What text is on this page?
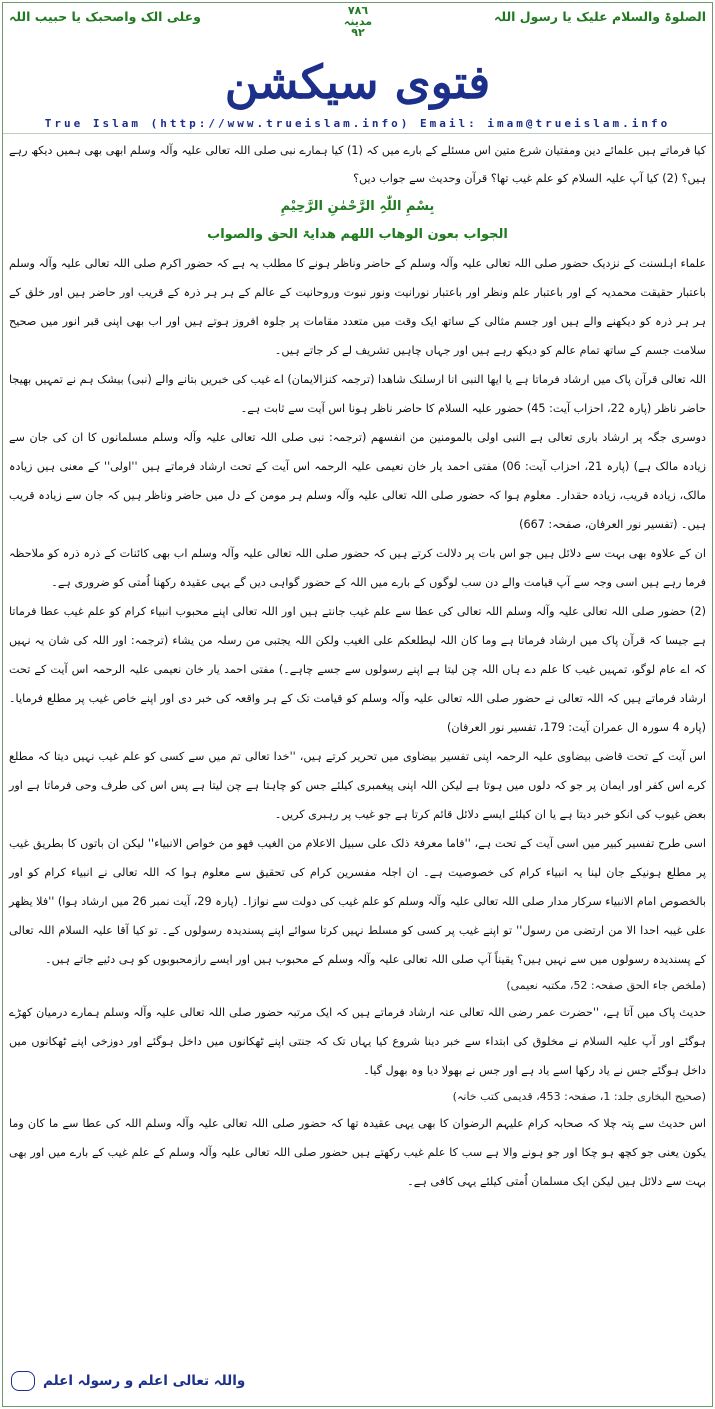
الصلوۃ والسلام علیک یا رسول اللہ
٧٨٦
مدینہ
٩٢
وعلی الک واصحبک یا حبیب اللہ
فتوی سیکشن
True Islam (http://www.trueislam.info) Email: imam@trueislam.info

کیا فرماتے ہیں علمائے دین ومفتیان شرع متین اس مسئلے کے بارے میں کہ (1) کیا ہمارے نبی صلی اللہ تعالی علیہ وآلہ وسلم ابھی بھی ہمیں دیکھ رہے ہیں؟ (2) کیا آپ علیہ السلام کو علم غیب تھا؟ قرآن وحدیث سے جواب دیں؟

بِسْمِ اللّٰہِ الرَّحْمٰنِ الرَّحِیْمِ
الجواب بعون الوھاب اللھم ھدایۃ الحق والصواب

علماء اہلسنت کے نزدیک حضور صلی اللہ تعالی علیہ وآلہ وسلم کے حاضر وناظر ہونے کا مطلب یہ ہے کہ حضور اکرم صلی اللہ تعالی علیہ وآلہ وسلم باعتبار حقیقت محمدیہ کے اور باعتبار علم ونظر اور باعتبار نورانیت ونور نبوت وروحانیت کے عالم کے ہر ہر ذرہ کے قریب اور حاضر ہیں اور خلق کے ہر ہر ذرہ کو دیکھنے والے ہیں اور جسم مثالی کے ساتھ ایک وقت میں متعدد مقامات پر جلوہ افروز ہوتے ہیں اور اب بھی اپنی قبر انور میں صحیح سلامت جسم کے ساتھ تمام عالم کو دیکھ رہے ہیں اور جہاں چاہیں تشریف لے کر جاتے ہیں۔

اللہ تعالی قرآن پاک میں ارشاد فرماتا ہے یا ایھا النبی انا ارسلنک شاھدا (ترجمہ کنزالایمان) اے غیب کی خبریں بتانے والے (نبی) بیشک ہم نے تمہیں بھیجا حاضر ناظر (پارہ 22، احزاب آیت: 45) حضور علیہ السلام کا حاضر ناظر ہونا اس آیت سے ثابت ہے۔

دوسری جگہ پر ارشاد باری تعالی ہے النبی اولی بالمومنین من انفسھم (ترجمہ: نبی صلی اللہ تعالی علیہ وآلہ وسلم مسلمانوں کا ان کی جان سے زیادہ مالک ہے) (پارہ 21، احزاب آیت: 06) مفتی احمد یار خان نعیمی علیہ الرحمہ اس آیت کے تحت ارشاد فرماتے ہیں ''اولی'' کے معنی ہیں زیادہ مالک، زیادہ قریب، زیادہ حقدار۔ معلوم ہوا کہ حضور صلی اللہ تعالی علیہ وآلہ وسلم ہر مومن کے دل میں حاضر وناظر ہیں کہ جان سے زیادہ قریب ہیں۔ (تفسیر نور العرفان، صفحہ: 667)

ان کے علاوہ بھی بہت سے دلائل ہیں جو اس بات پر دلالت کرتے ہیں کہ حضور صلی اللہ تعالی علیہ وآلہ وسلم اب بھی کائنات کے ذرہ ذرہ کو ملاحظہ فرما رہے ہیں اسی وجہ سے آپ قیامت والے دن سب لوگوں کے بارے میں اللہ کے حضور گواہی دیں گے یہی عقیدہ رکھنا اُمتی کو ضروری ہے۔

(2) حضور صلی اللہ تعالی علیہ وآلہ وسلم اللہ تعالی کی عطا سے علم غیب جانتے ہیں اور اللہ تعالی اپنے محبوب انبیاء کرام کو علم غیب عطا فرماتا ہے جیسا کہ قرآن پاک میں ارشاد فرماتا ہے وما کان اللہ لیطلعکم علی الغیب ولکن اللہ یجتبی من رسلہ من یشاء (ترجمہ: اور اللہ کی شان یہ نہیں کہ اے عام لوگو، تمہیں غیب کا علم دے ہاں اللہ چن لیتا ہے اپنے رسولوں سے جسے چاہے۔) مفتی احمد یار خان نعیمی علیہ الرحمہ اس آیت کے تحت ارشاد فرماتے ہیں کہ اللہ تعالی نے حضور صلی اللہ تعالی علیہ وآلہ وسلم کو قیامت تک کے ہر واقعہ کی خبر دی اور اپنے خاص غیب پر مطلع فرمایا۔ (پارہ 4 سورہ ال عمران آیت: 179، تفسیر نور العرفان)

اس آیت کے تحت قاضی بیضاوی علیہ الرحمہ اپنی تفسیر بیضاوی میں تحریر کرتے ہیں، ''خدا تعالی تم میں سے کسی کو علم غیب نہیں دیتا کہ مطلع کرے اس کفر اور ایمان پر جو کہ دلوں میں ہوتا ہے لیکن اللہ اپنی پیغمبری کیلئے جس کو چاہتا ہے چن لیتا ہے پس اس کی طرف وحی فرماتا ہے اور بعض غیوب کی انکو خبر دیتا ہے یا ان کیلئے ایسے دلائل قائم کرتا ہے جو غیب پر رہبری کریں۔

اسی طرح تفسیر کبیر میں اسی آیت کے تحت ہے، ''فاما معرفۃ ذلک علی سبیل الاعلام من الغیب فھو من خواص الانبیاء'' لیکن ان باتوں کا بطریق غیب پر مطلع ہونیکے جان لینا یہ انبیاء کرام کی خصوصیت ہے۔ ان اجلہ مفسرین کرام کی تحقیق سے معلوم ہوا کہ اللہ تعالی نے انبیاء کرام کو اور بالخصوص امام الانبیاء سرکار مدار صلی اللہ تعالی علیہ وآلہ وسلم کو علم غیب کی دولت سے نوازا۔ (پارہ 29، آیت نمبر 26 میں ارشاد ہوا) ''فلا یظھر علی غیبہ احدا الا من ارتضی من رسول'' تو اپنے غیب پر کسی کو مسلط نہیں کرتا سوائے اپنے پسندیدہ رسولوں کے۔ تو کیا آقا علیہ السلام اللہ تعالی کے پسندیدہ رسولوں میں سے نہیں ہیں؟ یقیناً آپ صلی اللہ تعالی علیہ وآلہ وسلم کے محبوب ہیں اور ایسے رازمحبوبوں کو ہی دئیے جاتے ہیں۔

(ملخص جاء الحق صفحہ: 52، مکتبہ نعیمی)

حدیث پاک میں آتا ہے، ''حضرت عمر رضی اللہ تعالی عنہ ارشاد فرماتے ہیں کہ ایک مرتبہ حضور صلی اللہ تعالی علیہ وآلہ وسلم ہمارے درمیان کھڑے ہوگئے اور آپ علیہ السلام نے مخلوق کی ابتداء سے خبر دینا شروع کیا یہاں تک کہ جنتی اپنے ٹھکانوں میں داخل ہوگئے اور دوزخی اپنے ٹھکانوں میں داخل ہوگئے جس نے یاد رکھا اسے یاد ہے اور جس نے بھولا دیا وہ بھول گیا۔

(صحیح البخاری جلد: 1، صفحہ: 453، قدیمی کتب خانہ)

اس حدیث سے پتہ چلا کہ صحابہ کرام علیہم الرضوان کا بھی یہی عقیدہ تھا کہ حضور صلی اللہ تعالی علیہ وآلہ وسلم اللہ کی عطا سے ما کان وما یکون یعنی جو کچھ ہو چکا اور جو ہونے والا ہے سب کا علم غیب رکھتے ہیں حضور صلی اللہ تعالی علیہ وآلہ وسلم کے علم غیب کے بارے میں اور بھی بہت سے دلائل ہیں لیکن ایک مسلمان اُمتی کیلئے یہی کافی ہے۔

واللہ تعالی اعلم و رسولہ اعلم
